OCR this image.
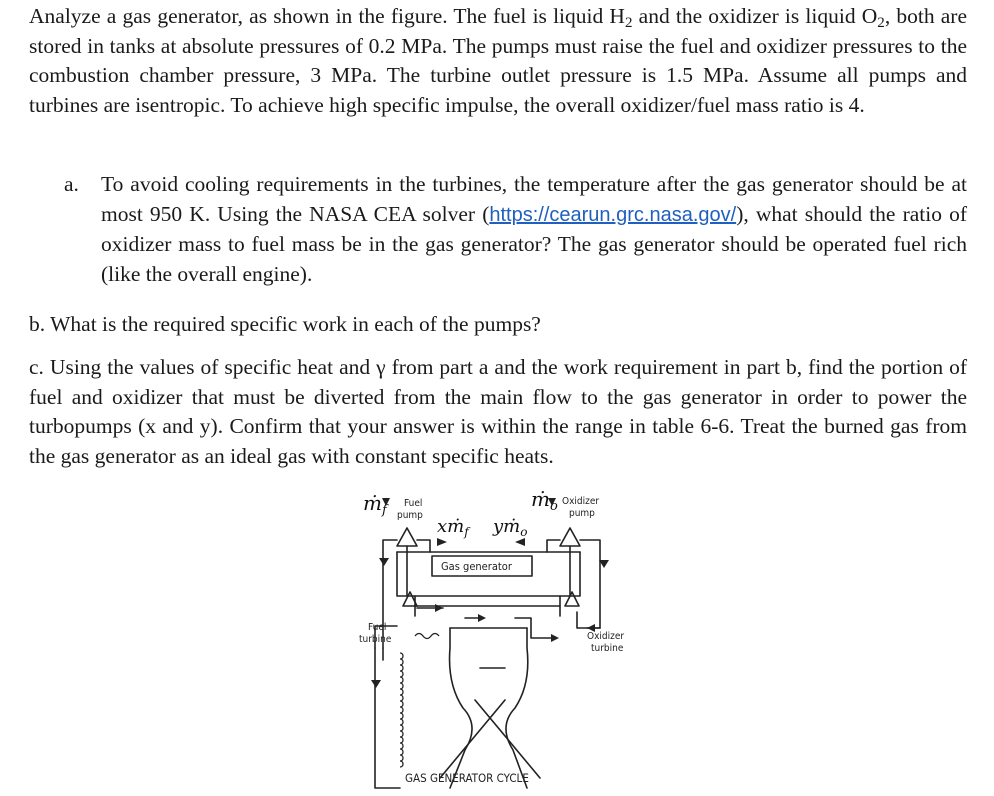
Analyze a gas generator, as shown in the figure. The fuel is liquid $H_2$ and the oxidizer is liquid $O_2$, both are stored in tanks at absolute pressures of 0.2 MPa. The pumps must raise the fuel and oxidizer pressures to the combustion chamber pressure, 3 MPa. The turbine outlet pressure is 1.5 MPa. Assume all pumps and turbines are isentropic. To achieve high specific impulse, the overall oxidizer/fuel mass ratio is 4.

a.	To avoid cooling requirements in the turbines, the temperature after the gas generator should be at most 950 K. Using the NASA CEA solver (https://cearun.grc.nasa.gov/), what should the ratio of oxidizer mass to fuel mass be in the gas generator? The gas generator should be operated fuel rich (like the overall engine).

b. What is the required specific work in each of the pumps?

c. Using the values of specific heat and γ from part a and the work requirement in part b, find the portion of fuel and oxidizer that must be diverted from the main flow to the gas generator in order to power the turbopumps (x and y). Confirm that your answer is within the range in table 6-6. Treat the burned gas from the gas generator as an ideal gas with constant specific heats.

ṁ$_f$ Fuel
pump
ṁ$_o$ Oxidizer
pump
xṁ$_f$ yṁ$_o$
Gas generator
Fuel
turbine	Oxidizer
turbine
GAS GENERATOR CYCLE
